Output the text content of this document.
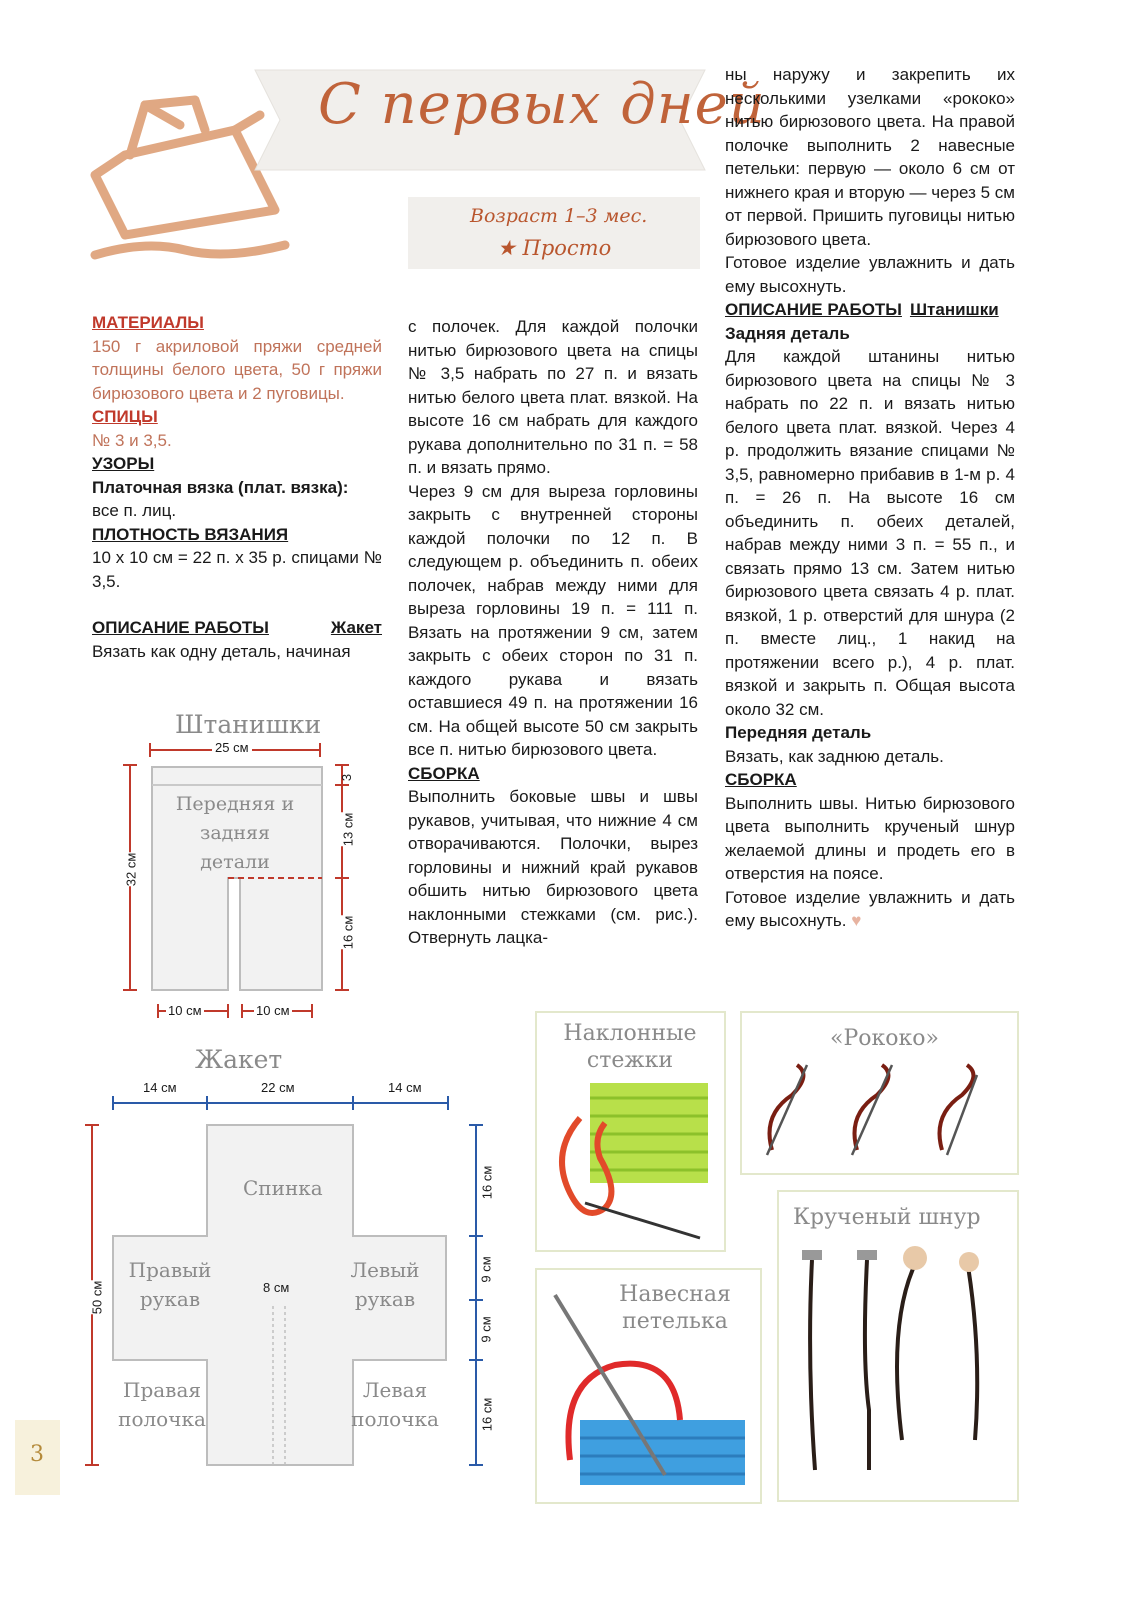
С первых дней
Возраст 1–3 мес.
★ Просто

МАТЕРИАЛЫ

150 г акриловой пряжи средней толщины белого цвета, 50 г пряжи бирюзового цвета и 2 пуговицы.

СПИЦЫ

№ 3 и 3,5.

УЗОРЫ

Платочная вязка (плат. вязка):

все п. лиц.

ПЛОТНОСТЬ ВЯЗАНИЯ

10 х 10 см = 22 п. х 35 р. спицами № 3,5.

ОПИСАНИЕ РАБОТЫ	Жакет

Вязать как одну деталь, начиная

с полочек. Для каждой полочки нитью бирюзового цвета на спицы № 3,5 набрать по 27 п. и вязать нитью белого цвета плат. вязкой. На высоте 16 см набрать для каждого рукава дополнительно по 31 п. = 58 п. и вязать прямо.

Через 9 см для выреза горловины закрыть с внутренней стороны каждой полочки по 12 п. В следующем р. объединить п. обеих полочек, набрав между ними для выреза горловины 19 п. = 111 п. Вязать на протяжении 9 см, затем закрыть с обеих сторон по 31 п. каждого рукава и вязать оставшиеся 49 п. на протяжении 16 см. На общей высоте 50 см закрыть все п. нитью бирюзового цвета.

СБОРКА

Выполнить боковые швы и швы рукавов, учитывая, что нижние 4 см отворачиваются. Полочки, вырез горловины и нижний край рукавов обшить нитью бирюзового цвета наклонными стежками (см. рис.). Отвернуть лацка-

ны наружу и закрепить их несколькими узелками «рококо» нитью бирюзового цвета. На правой полочке выполнить 2 навесные петельки: первую — около 6 см от нижнего края и вторую — через 5 см от первой. Пришить пуговицы нитью бирюзового цвета.

Готовое изделие увлажнить и дать ему высохнуть.

ОПИСАНИЕ РАБОТЫ Штанишки

Задняя деталь

Для каждой штанины нитью бирюзового цвета на спицы № 3 набрать по 22 п. и вязать нитью белого цвета плат. вязкой. Через 4 р. продолжить вязание спицами № 3,5, равномерно прибавив в 1-м р. 4 п. = 26 п. На высоте 16 см объединить п. обеих деталей, набрав между ними 3 п. = 55 п., и связать прямо 13 см. Затем нитью бирюзового цвета связать 4 р. плат. вязкой, 1 р. отверстий для шнура (2 п. вместе лиц., 1 накид на протяжении всего р.), 4 р. плат. вязкой и закрыть п. Общая высота около 32 см.

Передняя деталь

Вязать, как заднюю деталь.

СБОРКА

Выполнить швы. Нитью бирюзового цвета выполнить крученый шнур желаемой длины и продеть его в отверстия на поясе.

Готовое изделие увлажнить и дать ему высохнуть. ♥

Штанишки
25 см
32 см
Передняя и задняя детали
3
13 см
16 см
10 см	10 см
Жакет
14 см	22 см	14 см
50 см
16 см
9 см
9 см
16 см
8 см
Спинка
Правый рукав
Левый рукав
Правая полочка
Левая полочка
Наклонные стежки
«Рококо»
Навесная петелька
Крученый шнур
3
